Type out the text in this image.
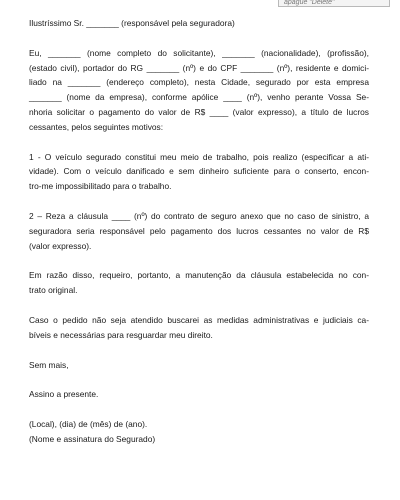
apague "Delete"
Ilustríssimo Sr. _______ (responsável pela seguradora)
Eu, _______ (nome completo do solicitante), _______ (nacionalidade), (profissão),
(estado civil), portador do RG _______ (nº) e do CPF _______ (nº), residente e domici-
liado na _______ (endereço completo), nesta Cidade, segurado por esta empresa
_______ (nome da empresa), conforme apólice ____ (nº), venho perante Vossa Se-
nhoria solicitar o pagamento do valor de R$ ____ (valor expresso), a título de lucros
cessantes, pelos seguintes motivos:
1 - O veículo segurado constitui meu meio de trabalho, pois realizo (especificar a ati-
vidade). Com o veículo danificado e sem dinheiro suficiente para o conserto, encon-
tro-me impossibilitado para o trabalho.
2 – Reza a cláusula ____ (nº) do contrato de seguro anexo que no caso de sinistro, a
seguradora seria responsável pelo pagamento dos lucros cessantes no valor de R$
(valor expresso).
Em razão disso, requeiro, portanto, a manutenção da cláusula estabelecida no con-
trato original.
Caso o pedido não seja atendido buscarei as medidas administrativas e judiciais ca-
bíveis e necessárias para resguardar meu direito.
Sem mais,
Assino a presente.
(Local), (dia) de (mês) de (ano).
(Nome e assinatura do Segurado)
